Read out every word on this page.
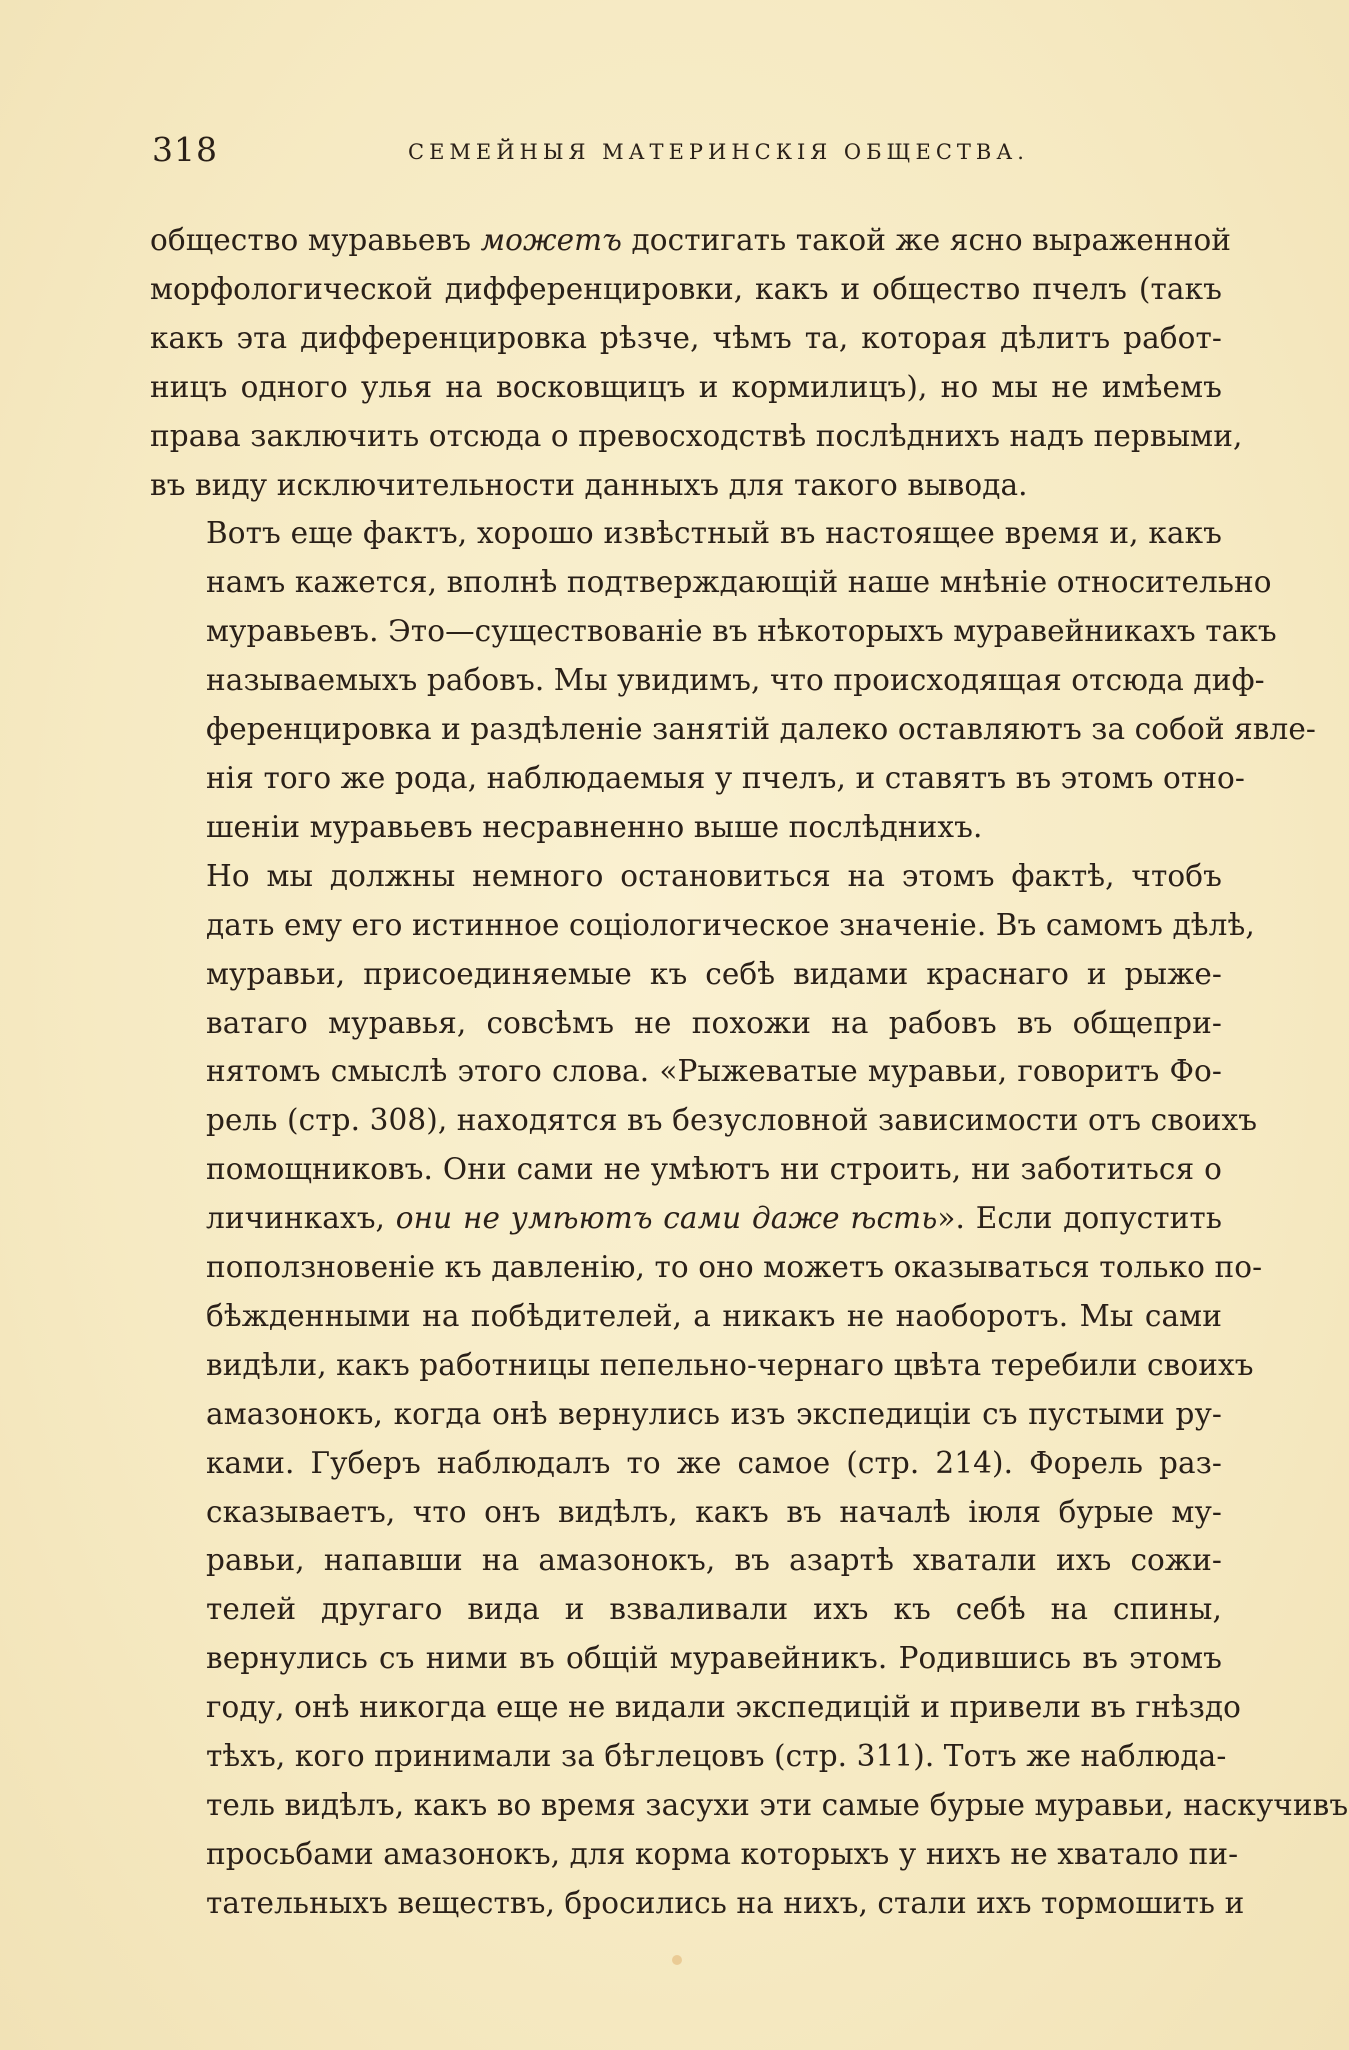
318	СЕМЕЙНЫЯ МАТЕРИНСКІЯ ОБЩЕСТВА.

общество муравьевъ можетъ достигать такой же ясно выраженной
морфологической дифференцировки, какъ и общество пчелъ (такъ
какъ эта дифференцировка рѣзче, чѣмъ та, которая дѣлитъ работ-
ницъ одного улья на восковщицъ и кормилицъ), но мы не имѣемъ
права заключить отсюда о превосходствѣ послѣднихъ надъ первыми,
въ виду исключительности данныхъ для такого вывода.

Вотъ еще фактъ, хорошо извѣстный въ настоящее время и, какъ
намъ кажется, вполнѣ подтверждающій наше мнѣніе относительно
муравьевъ. Это—существованіе въ нѣкоторыхъ муравейникахъ такъ
называемыхъ рабовъ. Мы увидимъ, что происходящая отсюда диф-
ференцировка и раздѣленіе занятій далеко оставляютъ за собой явле-
нія того же рода, наблюдаемыя у пчелъ, и ставятъ въ этомъ отно-
шеніи муравьевъ несравненно выше послѣднихъ.

Но мы должны немного остановиться на этомъ фактѣ, чтобъ
дать ему его истинное соціологическое значеніе. Въ самомъ дѣлѣ,
муравьи, присоединяемые къ себѣ видами краснаго и рыже-
ватаго муравья, совсѣмъ не похожи на рабовъ въ общепри-
нятомъ смыслѣ этого слова. «Рыжеватые муравьи, говоритъ Фо-
рель (стр. 308), находятся въ безусловной зависимости отъ своихъ
помощниковъ. Они сами не умѣютъ ни строить, ни заботиться о
личинкахъ, они не умѣютъ сами даже ѣсть». Если допустить
поползновеніе къ давленію, то оно можетъ оказываться только по-
бѣжденными на побѣдителей, а никакъ не наоборотъ. Мы сами
видѣли, какъ работницы пепельно-чернаго цвѣта теребили своихъ
амазонокъ, когда онѣ вернулись изъ экспедиціи съ пустыми ру-
ками. Губеръ наблюдалъ то же самое (стр. 214). Форель раз-
сказываетъ, что онъ видѣлъ, какъ въ началѣ іюля бурые му-
равьи, напавши на амазонокъ, въ азартѣ хватали ихъ сожи-
телей другаго вида и взваливали ихъ къ себѣ на спины,
вернулись съ ними въ общій муравейникъ. Родившись въ этомъ
году, онѣ никогда еще не видали экспедицій и привели въ гнѣздо
тѣхъ, кого принимали за бѣглецовъ (стр. 311). Тотъ же наблюда-
тель видѣлъ, какъ во время засухи эти самые бурые муравьи, наскучивъ
просьбами амазонокъ, для корма которыхъ у нихъ не хватало пи-
тательныхъ веществъ, бросились на нихъ, стали ихъ тормошить и
